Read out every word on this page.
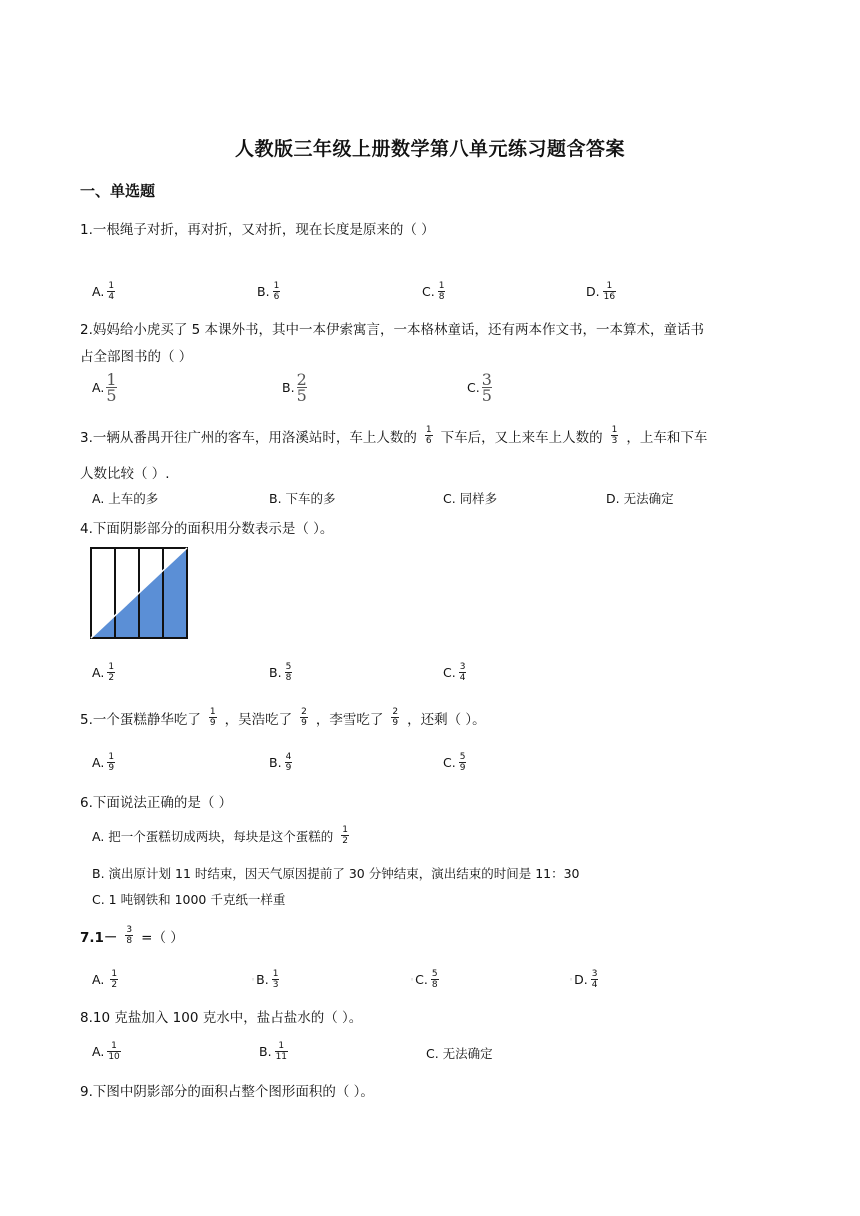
人教版三年级上册数学第八单元练习题含答案
一、单选题
1.一根绳子对折，再对折，又对折，现在长度是原来的（ ）
A. $\frac{1}{4}$	B. $\frac{1}{6}$	C. $\frac{1}{8}$	D. $\frac{1}{16}$
2.妈妈给小虎买了 5 本课外书，其中一本伊索寓言，一本格林童话，还有两本作文书，一本算术，童话书
占全部图书的（ ）
A. 1
5	B. 2
5	C. 3
5
3.一辆从番禺开往广州的客车，用洛溪站时，车上人数的 $\frac{1}{6}$ 下车后，又上来车上人数的 $\frac{1}{3}$ ，上车和下车
人数比较（ ）.
A. 上车的多	B. 下车的多	C. 同样多	D. 无法确定
4.下面阴影部分的面积用分数表示是（ ）。
A. $\frac{1}{2}$	B. $\frac{5}{8}$	C. $\frac{3}{4}$
5.一个蛋糕静华吃了 $\frac{1}{9}$ ，吴浩吃了 $\frac{2}{9}$ ，李雪吃了 $\frac{2}{9}$ ，还剩（ ）。
A. $\frac{1}{9}$	B. $\frac{4}{9}$	C. $\frac{5}{9}$
6.下面说法正确的是（ ）
A. 把一个蛋糕切成两块，每块是这个蛋糕的 $\frac{1}{2}$
B. 演出原计划 11 时结束，因天气原因提前了 30 分钟结束，演出结束的时间是 11：30
C. 1 吨钢铁和 1000 千克纸一样重
$7.1- \frac{3}{8}$ =（ ）
A. $\frac{1}{2}$	◦ B. $\frac{1}{3}$	◦ C. $\frac{5}{8}$	◦ D. $\frac{3}{4}$
8.10 克盐加入 100 克水中，盐占盐水的（ ）。
A. $\frac{1}{10}$	B. $\frac{1}{11}$	C. 无法确定
9.下图中阴影部分的面积占整个图形面积的（ ）。
